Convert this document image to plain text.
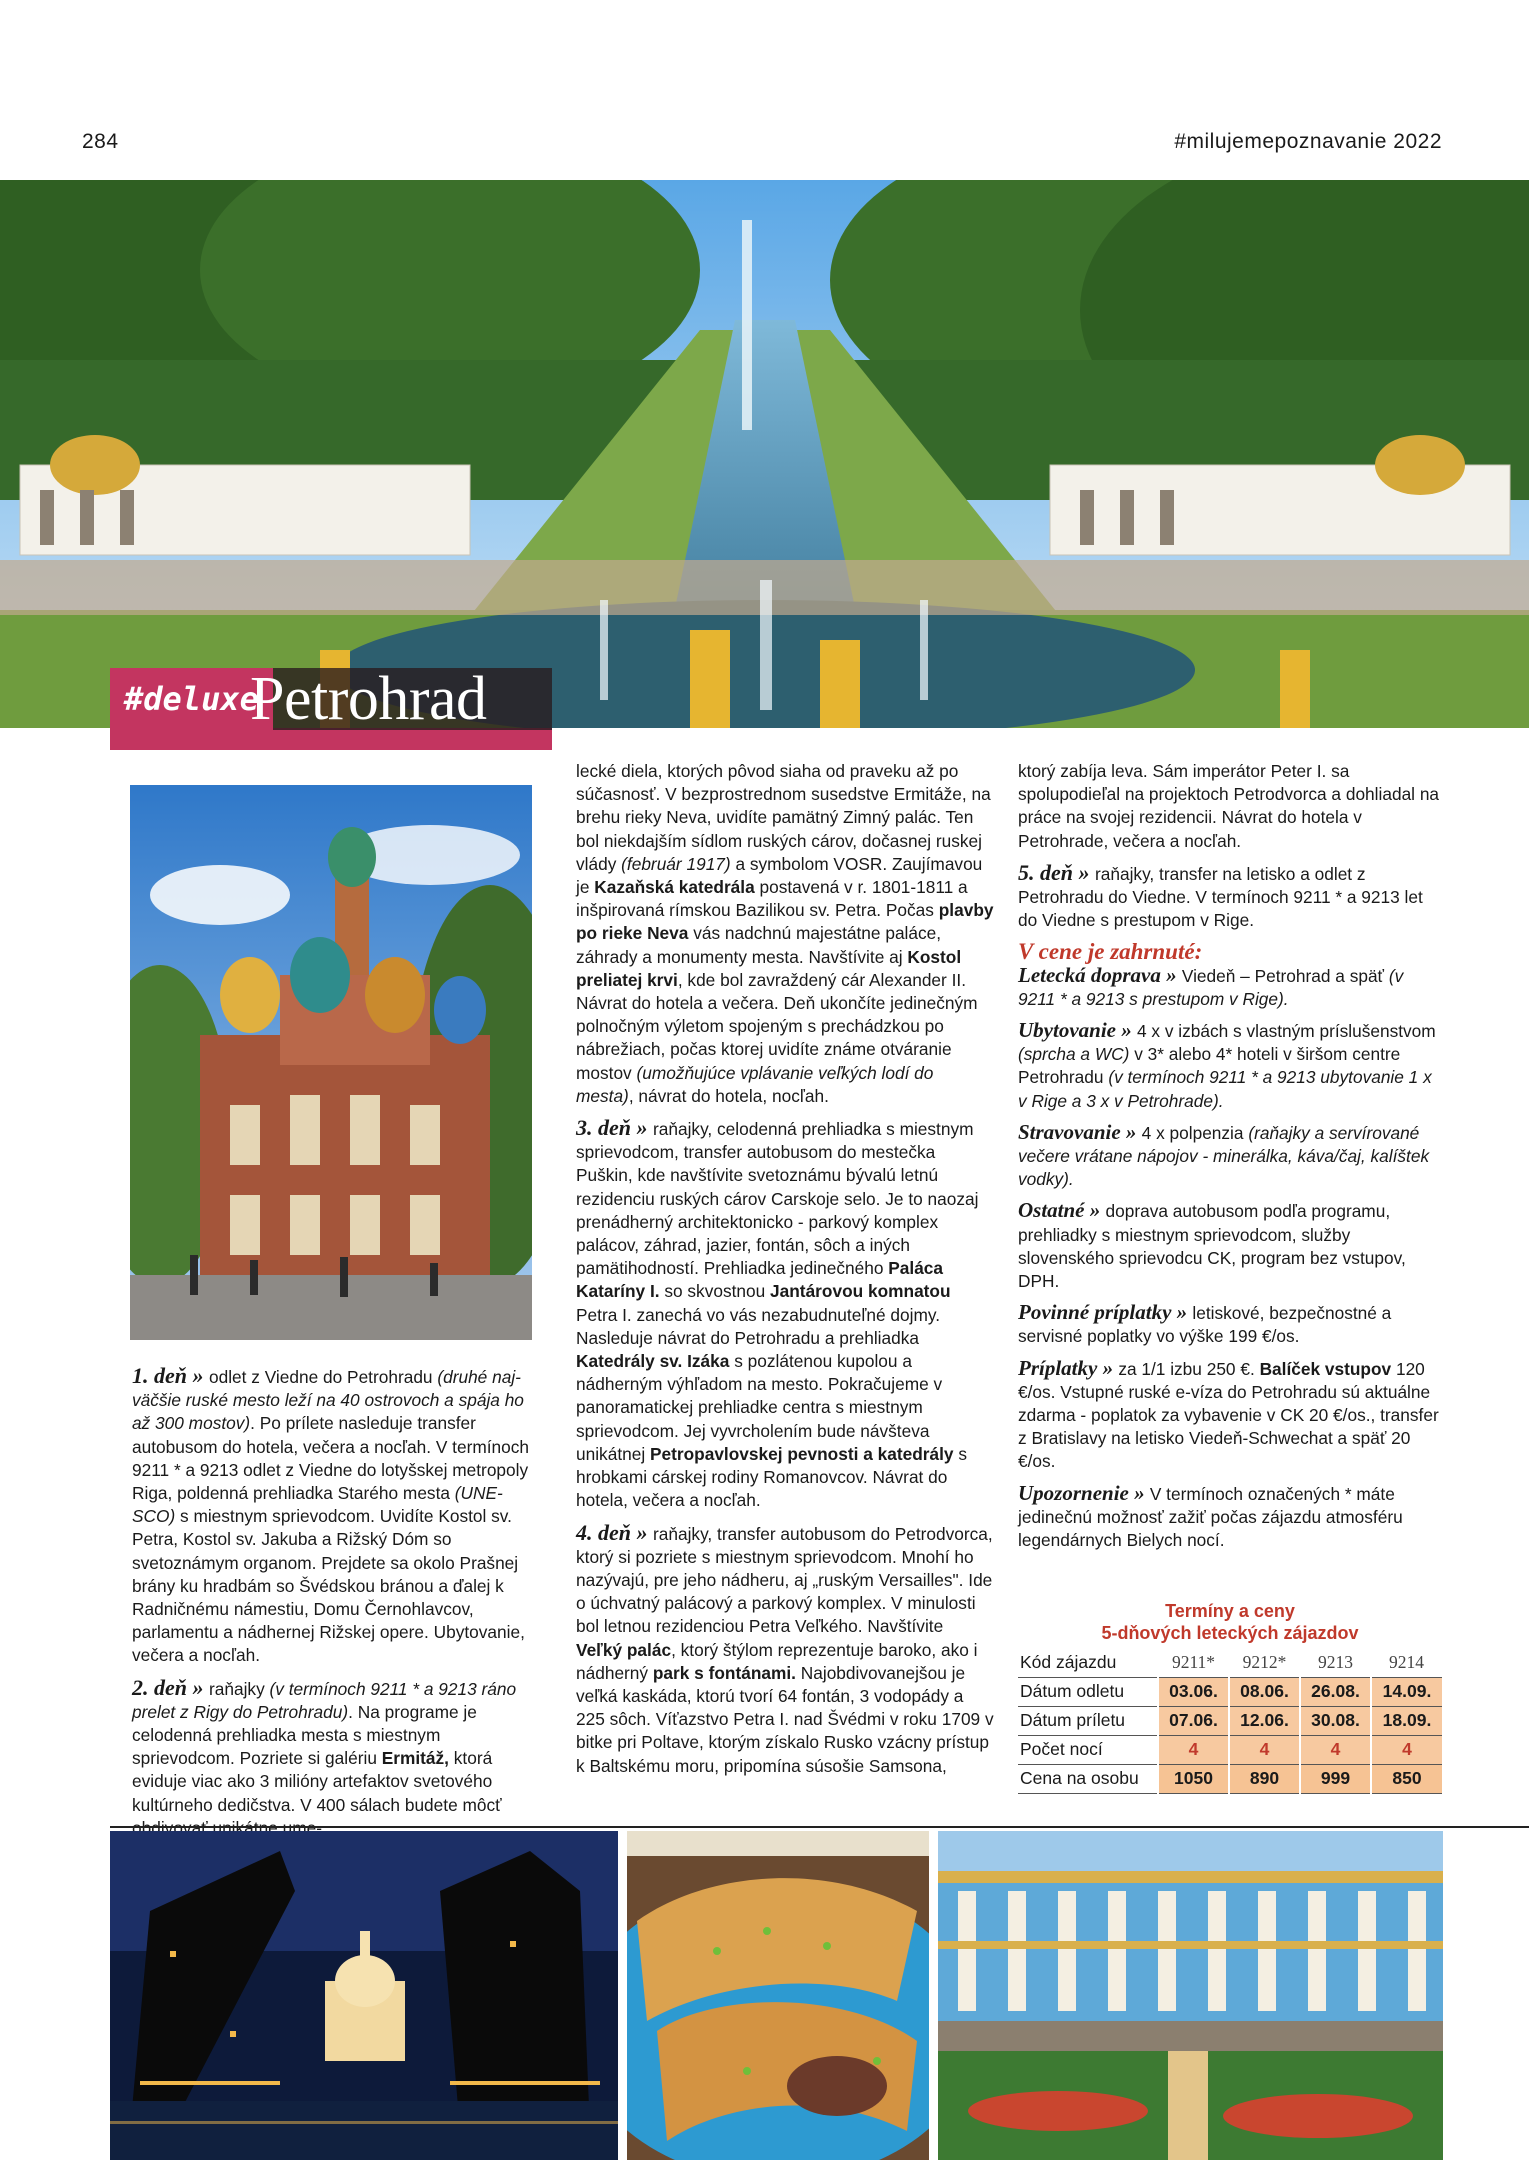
284	#milujemepoznavanie 2022
#deluxe
Petrohrad

1. deň » odlet z Viedne do Petrohradu (druhé naj-väčšie ruské mesto leží na 40 ostrovoch a spája ho až 300 mostov). Po prílete nasleduje transfer autobusom do hotela, večera a nocľah. V termínoch 9211 * a 9213 odlet z Viedne do lotyšskej metropoly Riga, poldenná prehliadka Starého mesta (UNE-SCO) s miestnym sprievodcom. Uvidíte Kostol sv. Petra, Kostol sv. Jakuba a Rižský Dóm so svetoznámym organom. Prejdete sa okolo Prašnej brány ku hradbám so Švédskou bránou a ďalej k Radničnému námestiu, Domu Černohlavcov, parlamentu a nádhernej Rižskej opere. Ubytovanie, večera a nocľah.

2. deň » raňajky (v termínoch 9211 * a 9213 ráno prelet z Rigy do Petrohradu). Na programe je celodenná prehliadka mesta s miestnym sprievodcom. Pozriete si galériu Ermitáž, ktorá eviduje viac ako 3 milióny artefaktov svetového kultúrneho dedičstva. V 400 sálach budete môcť

lecké diela, ktorých pôvod siaha od praveku až po súčasnosť. V bezprostrednom susedstve Ermitáže, na brehu rieky Neva, uvidíte pamätný Zimný palác. Ten bol niekdajším sídlom ruských cárov, dočasnej ruskej vlády (február 1917) a symbolom VOSR. Zaujímavou je Kazaňská katedrála postavená v r. 1801-1811 a inšpirovaná rímskou Bazilikou sv. Petra. Počas plavby po rieke Neva vás nadchnú majestátne paláce, záhrady a monumenty mesta. Navštívite aj Kostol preliatej krvi, kde bol zavraždený cár Alexander II. Návrat do hotela a večera. Deň ukončíte jedinečným polnočným výletom spojeným s prechádzkou po nábrežiach, počas ktorej uvidíte známe otváranie mostov (umožňujúce vplávanie veľkých lodí do mesta), návrat do hotela, nocľah.

3. deň » raňajky, celodenná prehliadka s miestnym sprievodcom, transfer autobusom do mestečka Puškin, kde navštívite svetoznámu bývalú letnú rezidenciu ruských cárov Carskoje selo. Je to naozaj prenádherný architektonicko - parkový komplex palácov, záhrad, jazier, fontán, sôch a iných pamätihodností. Prehliadka jedinečného Paláca Kataríny I. so skvostnou Jantárovou komnatou Petra I. zanechá vo vás nezabudnuteľné dojmy. Nasleduje návrat do Petrohradu a prehliadka Katedrály sv. Izáka s pozlátenou kupolou a nádherným výhľadom na mesto. Pokračujeme v panoramatickej prehliadke centra s miestnym sprievodcom. Jej vyvrcholením bude návšteva unikátnej Petropavlovskej pevnosti a katedrály s hrobkami cárskej rodiny Romanovcov. Návrat do hotela, večera a nocľah.

4. deň » raňajky, transfer autobusom do Petrodvorca, ktorý si pozriete s miestnym sprievodcom. Mnohí ho nazývajú, pre jeho nádheru, aj „ruským Versailles". Ide o úchvatný palácový a parkový komplex. V minulosti bol letnou rezidenciou Petra Veľkého. Navštívite Veľký palác, ktorý štýlom reprezentuje baroko, ako i nádherný park s fontánami. Najobdivovanejšou je veľká kaskáda, ktorú tvorí 64 fontán, 3 vodopády a 225 sôch. Víťazstvo Petra I. nad Švédmi v roku 1709 v bitke pri Poltave, ktorým získalo Rusko vzácny prístup k Baltskému moru, pripomína súsošie Samsona,

ktorý zabíja leva. Sám imperátor Peter I. sa spolupodieľal na projektoch Petrodvorca a dohliadal na práce na svojej rezidencii. Návrat do hotela v Petrohrade, večera a nocľah.

5. deň » raňajky, transfer na letisko a odlet z Petrohradu do Viedne. V termínoch 9211 * a 9213 let do Viedne s prestupom v Rige.

V cene je zahrnuté:

Letecká doprava » Viedeň – Petrohrad a späť (v 9211 * a 9213 s prestupom v Rige).

Ubytovanie » 4 x v izbách s vlastným príslušenstvom (sprcha a WC) v 3* alebo 4* hoteli v širšom centre Petrohradu (v termínoch 9211 * a 9213 ubytovanie 1 x v Rige a 3 x v Petrohrade).

Stravovanie » 4 x polpenzia (raňajky a servírované večere vrátane nápojov - minerálka, káva/čaj, kalíštek vodky).

Ostatné » doprava autobusom podľa programu, prehliadky s miestnym sprievodcom, služby slovenského sprievodcu CK, program bez vstupov, DPH.

Povinné príplatky » letiskové, bezpečnostné a servisné poplatky vo výške 199 €/os.

Príplatky » za 1/1 izbu 250 €. Balíček vstupov 120 €/os. Vstupné ruské e-víza do Petrohradu sú aktuálne zdarma - poplatok za vybavenie v CK 20 €/os., transfer z Bratislavy na letisko Viedeň-Schwechat a späť 20 €/os.

Upozornenie » V termínoch označených * máte jedinečnú možnosť zažiť počas zájazdu atmosféru legendárnych Bielych nocí.

Termíny a ceny
5-dňových leteckých zájazdov
Kód zájazdu	9211*	9212*	9213	9214
Dátum odletu	03.06.	08.06.	26.08.	14.09.
Dátum príletu	07.06.	12.06.	30.08.	18.09.
Počet nocí	4	4	4	4
Cena na osobu	1050	890	999	850
